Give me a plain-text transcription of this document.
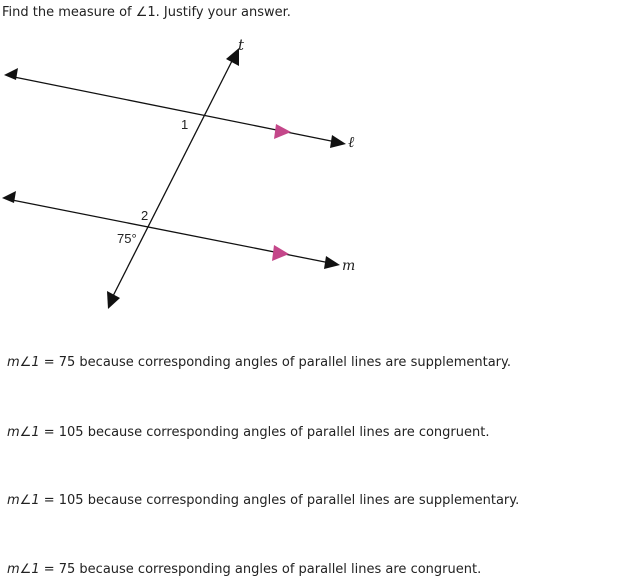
Find the measure of ∠1. Justify your answer.
t
ℓ
m
1
2
75°
m∠1 = 75 because corresponding angles of parallel lines are supplementary.
m∠1 = 105 because corresponding angles of parallel lines are congruent.
m∠1 = 105 because corresponding angles of parallel lines are supplementary.
m∠1 = 75 because corresponding angles of parallel lines are congruent.
